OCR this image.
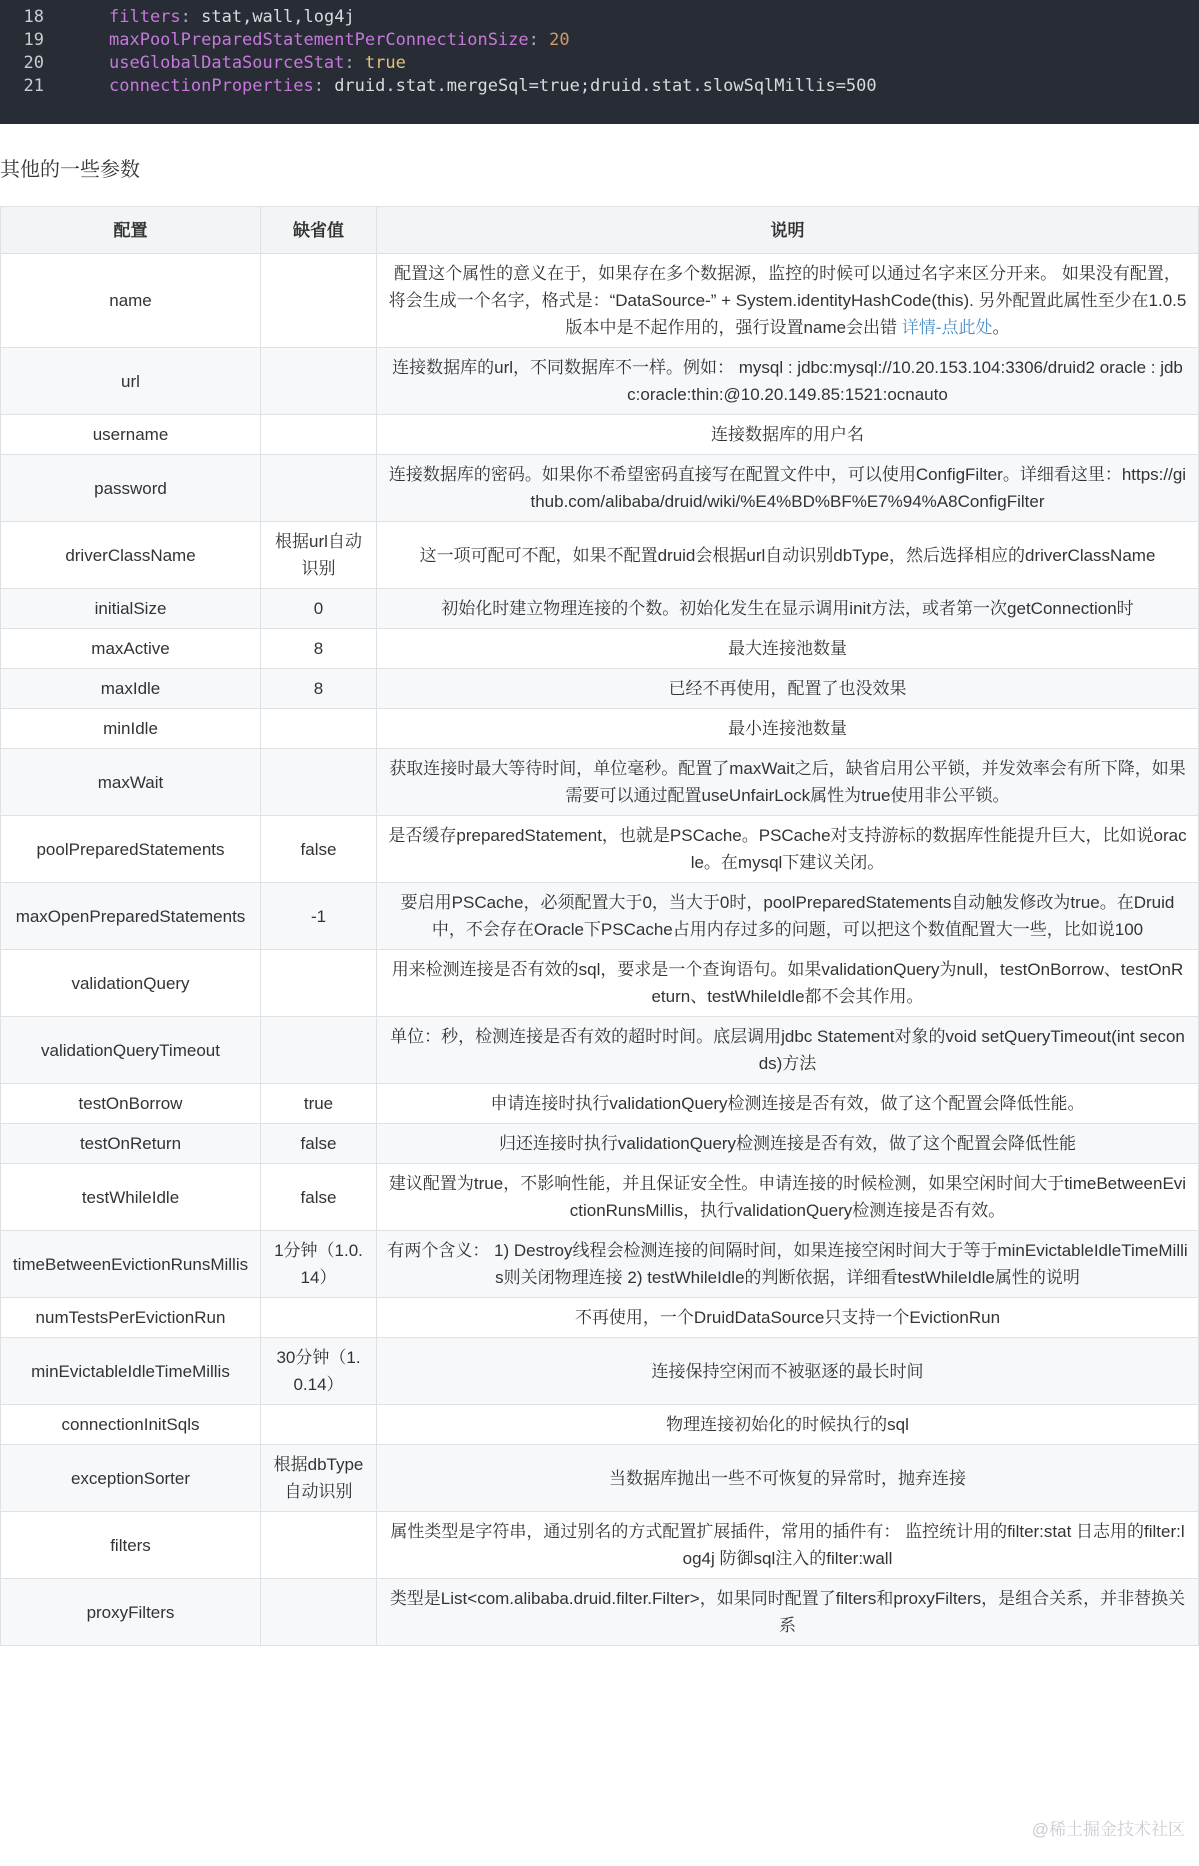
18	filters: stat,wall,log4j
19	maxPoolPreparedStatementPerConnectionSize: 20
20	useGlobalDataSourceStat: true
21	connectionProperties: druid.stat.mergeSql=true;druid.stat.slowSqlMillis=500
其他的一些参数
配置	缺省值	说明
name		配置这个属性的意义在于，如果存在多个数据源，监控的时候可以通过名字来区分开来。 如果没有配置，将会生成一个名字，格式是：“DataSource-” + System.identityHashCode(this). 另外配置此属性至少在1.0.5版本中是不起作用的，强行设置name会出错 详情-点此处。
url		连接数据库的url，不同数据库不一样。例如： mysql : jdbc:mysql://10.20.153.104:3306/druid2 oracle : jdbc:oracle:thin:@10.20.149.85:1521:ocnauto
username		连接数据库的用户名
password		连接数据库的密码。如果你不希望密码直接写在配置文件中，可以使用ConfigFilter。详细看这里：https://github.com/alibaba/druid/wiki/%E4%BD%BF%E7%94%A8ConfigFilter
driverClassName	根据url自动识别	这一项可配可不配，如果不配置druid会根据url自动识别dbType，然后选择相应的driverClassName
initialSize	0	初始化时建立物理连接的个数。初始化发生在显示调用init方法，或者第一次getConnection时
maxActive	8	最大连接池数量
maxIdle	8	已经不再使用，配置了也没效果
minIdle		最小连接池数量
maxWait		获取连接时最大等待时间，单位毫秒。配置了maxWait之后，缺省启用公平锁，并发效率会有所下降，如果需要可以通过配置useUnfairLock属性为true使用非公平锁。
poolPreparedStatements	false	是否缓存preparedStatement，也就是PSCache。PSCache对支持游标的数据库性能提升巨大，比如说oracle。在mysql下建议关闭。
maxOpenPreparedStatements	-1	要启用PSCache，必须配置大于0，当大于0时，poolPreparedStatements自动触发修改为true。在Druid中，不会存在Oracle下PSCache占用内存过多的问题，可以把这个数值配置大一些，比如说100
validationQuery		用来检测连接是否有效的sql，要求是一个查询语句。如果validationQuery为null，testOnBorrow、testOnReturn、testWhileIdle都不会其作用。
validationQueryTimeout		单位：秒，检测连接是否有效的超时时间。底层调用jdbc Statement对象的void setQueryTimeout(int seconds)方法
testOnBorrow	true	申请连接时执行validationQuery检测连接是否有效，做了这个配置会降低性能。
testOnReturn	false	归还连接时执行validationQuery检测连接是否有效，做了这个配置会降低性能
testWhileIdle	false	建议配置为true，不影响性能，并且保证安全性。申请连接的时候检测，如果空闲时间大于timeBetweenEvictionRunsMillis，执行validationQuery检测连接是否有效。
timeBetweenEvictionRunsMillis	1分钟（1.0.14）	有两个含义： 1) Destroy线程会检测连接的间隔时间，如果连接空闲时间大于等于minEvictableIdleTimeMillis则关闭物理连接 2) testWhileIdle的判断依据，详细看testWhileIdle属性的说明
numTestsPerEvictionRun		不再使用，一个DruidDataSource只支持一个EvictionRun
minEvictableIdleTimeMillis	30分钟（1.0.14）	连接保持空闲而不被驱逐的最长时间
connectionInitSqls		物理连接初始化的时候执行的sql
exceptionSorter	根据dbType自动识别	当数据库抛出一些不可恢复的异常时，抛弃连接
filters		属性类型是字符串，通过别名的方式配置扩展插件，常用的插件有： 监控统计用的filter:stat 日志用的filter:log4j 防御sql注入的filter:wall
proxyFilters		类型是List<com.alibaba.druid.filter.Filter>，如果同时配置了filters和proxyFilters，是组合关系，并非替换关系
@稀土掘金技术社区
